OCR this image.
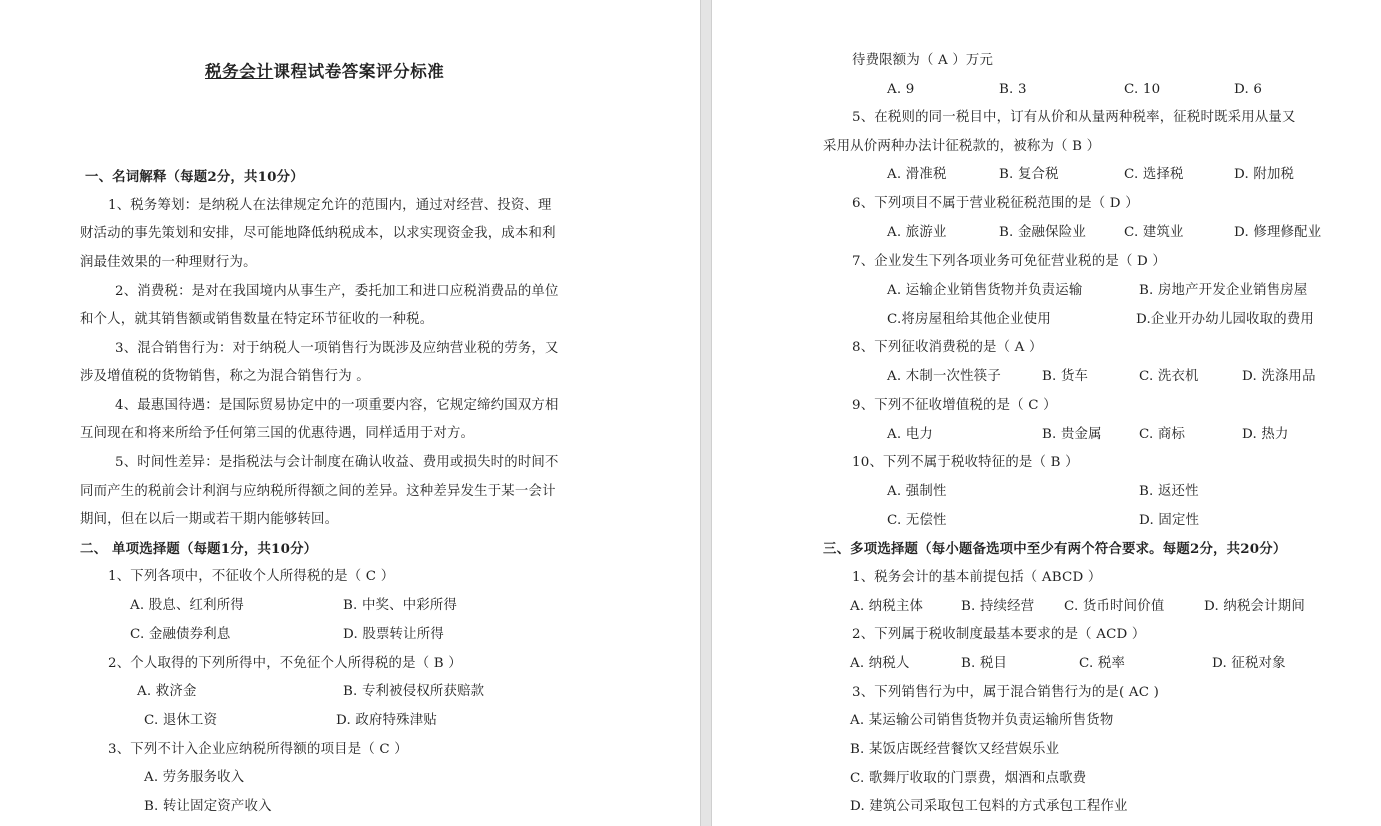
税务会计课程试卷答案评分标准
一、名词解释（每题2分，共10分）
1、税务筹划：是纳税人在法律规定允许的范围内，通过对经营、投资、理
财活动的事先策划和安排，尽可能地降低纳税成本，以求实现资金我，成本和利
润最佳效果的一种理财行为。
2、消费税：是对在我国境内从事生产，委托加工和进口应税消费品的单位
和个人，就其销售额或销售数量在特定环节征收的一种税。
3、混合销售行为：对于纳税人一项销售行为既涉及应纳营业税的劳务，又
涉及增值税的货物销售，称之为混合销售行为 。
4、最惠国待遇：是国际贸易协定中的一项重要内容，它规定缔约国双方相
互间现在和将来所给予任何第三国的优惠待遇，同样适用于对方。
5、时间性差异：是指税法与会计制度在确认收益、费用或损失时的时间不
同而产生的税前会计利润与应纳税所得额之间的差异。这种差异发生于某一会计
期间，但在以后一期或若干期内能够转回。
二、 单项选择题（每题1分，共10分）
1、下列各项中，不征收个人所得税的是（ C ）
A. 股息、红利所得	B. 中奖、中彩所得
C. 金融债券利息	D. 股票转让所得
2、个人取得的下列所得中，不免征个人所得税的是（ B ）
A. 救济金	B. 专利被侵权所获赔款
C. 退休工资	D. 政府特殊津贴
3、下列不计入企业应纳税所得额的项目是（ C ）
A. 劳务服务收入
B. 转让固定资产收入
待费限额为（ A ）万元
A. 9	B. 3	C. 10	D. 6
5、在税则的同一税目中，订有从价和从量两种税率，征税时既采用从量又
采用从价两种办法计征税款的，被称为（ B ）
A. 滑准税	B. 复合税	C. 选择税	D. 附加税
6、下列项目不属于营业税征税范围的是（ D ）
A. 旅游业	B. 金融保险业	C. 建筑业	D. 修理修配业
7、企业发生下列各项业务可免征营业税的是（ D ）
A. 运输企业销售货物并负责运输	B. 房地产开发企业销售房屋
C.将房屋租给其他企业使用	D.企业开办幼儿园收取的费用
8、下列征收消费税的是（ A ）
A. 木制一次性筷子	B. 货车	C. 洗衣机	D. 洗涤用品
9、下列不征收增值税的是（ C ）
A. 电力	B. 贵金属	C. 商标	D. 热力
10、下列不属于税收特征的是（ B ）
A. 强制性	B. 返还性
C. 无偿性	D. 固定性
三、多项选择题（每小题备选项中至少有两个符合要求。每题2分，共20分）
1、税务会计的基本前提包括（ ABCD ）
A. 纳税主体	B. 持续经营 C. 货币时间价值	D. 纳税会计期间
2、下列属于税收制度最基本要求的是（ ACD ）
A. 纳税人	B. 税目	C. 税率	D. 征税对象
3、下列销售行为中，属于混合销售行为的是( AC )
A. 某运输公司销售货物并负责运输所售货物
B. 某饭店既经营餐饮又经营娱乐业
C. 歌舞厅收取的门票费，烟酒和点歌费
D. 建筑公司采取包工包料的方式承包工程作业
